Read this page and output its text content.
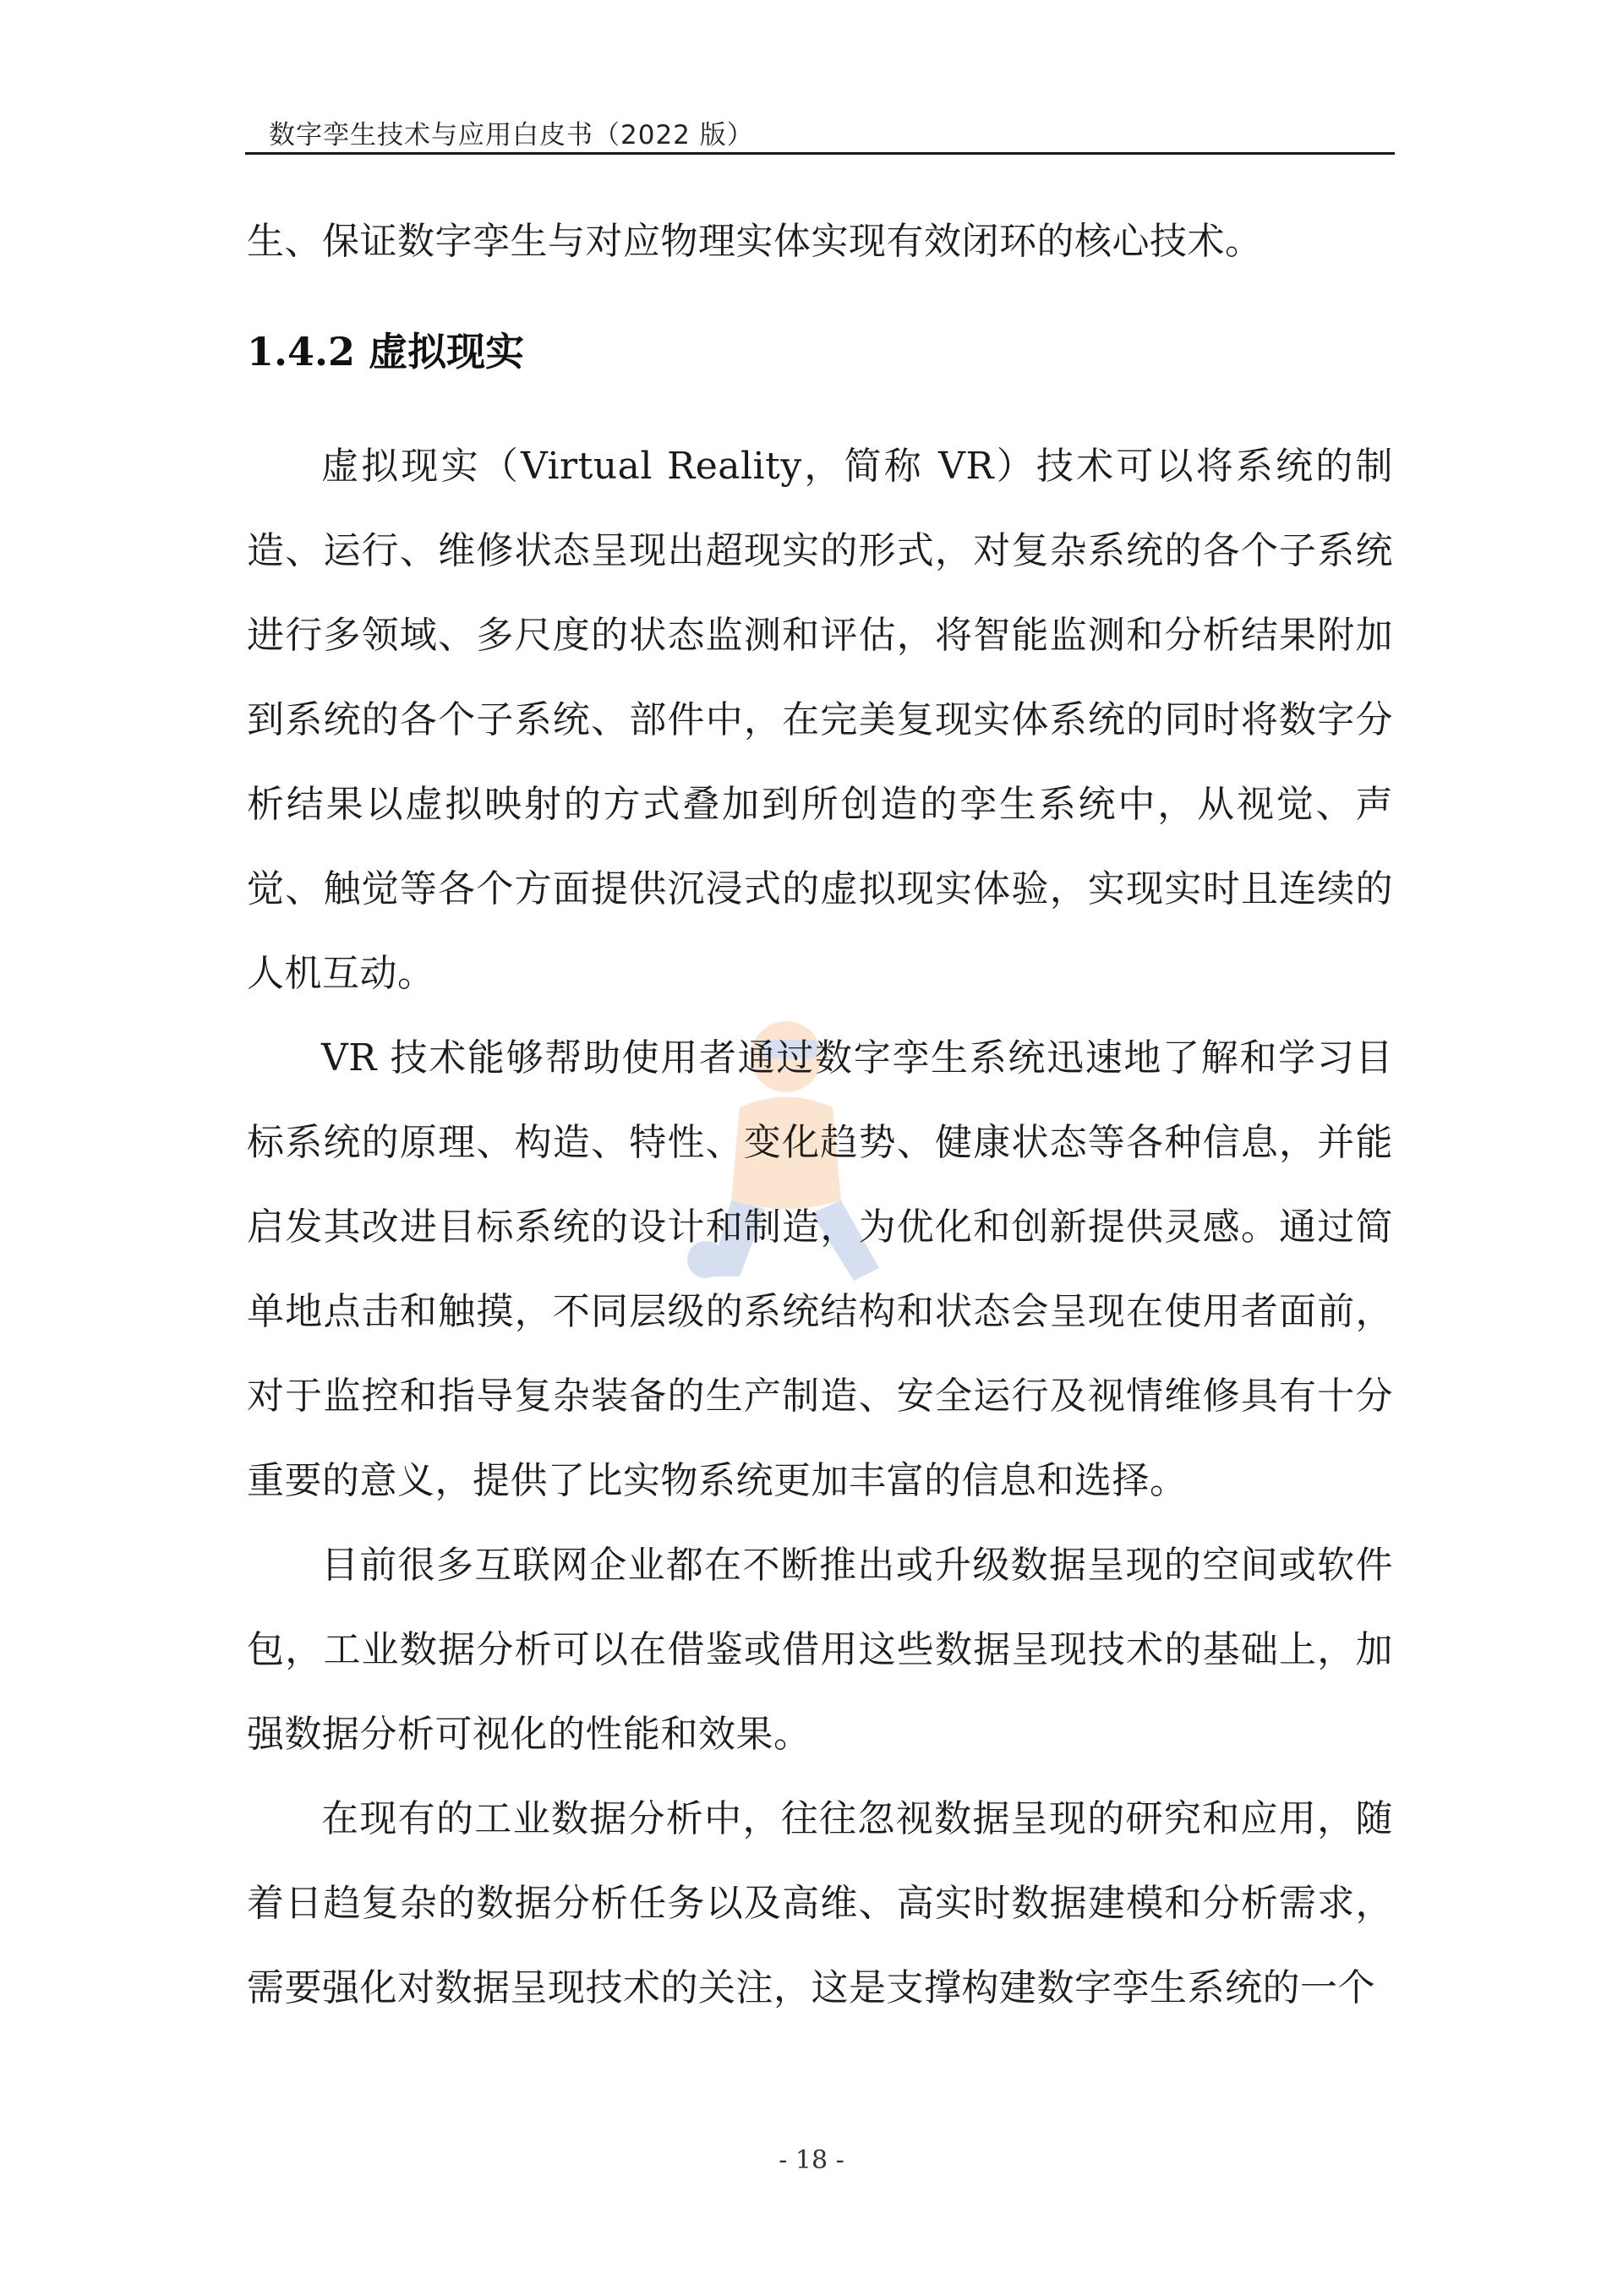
数字孪生技术与应用白皮书（2022 版）

生、保证数字孪生与对应物理实体实现有效闭环的核心技术。

1.4.2 虚拟现实

虚拟现实（Virtual Reality，简称 VR）技术可以将系统的制造、运行、维修状态呈现出超现实的形式，对复杂系统的各个子系统进行多领域、多尺度的状态监测和评估，将智能监测和分析结果附加到系统的各个子系统、部件中，在完美复现实体系统的同时将数字分析结果以虚拟映射的方式叠加到所创造的孪生系统中，从视觉、声觉、触觉等各个方面提供沉浸式的虚拟现实体验，实现实时且连续的人机互动。

VR 技术能够帮助使用者通过数字孪生系统迅速地了解和学习目标系统的原理、构造、特性、变化趋势、健康状态等各种信息，并能启发其改进目标系统的设计和制造，为优化和创新提供灵感。通过简单地点击和触摸，不同层级的系统结构和状态会呈现在使用者面前，对于监控和指导复杂装备的生产制造、安全运行及视情维修具有十分重要的意义，提供了比实物系统更加丰富的信息和选择。

目前很多互联网企业都在不断推出或升级数据呈现的空间或软件包，工业数据分析可以在借鉴或借用这些数据呈现技术的基础上，加强数据分析可视化的性能和效果。

在现有的工业数据分析中，往往忽视数据呈现的研究和应用，随着日趋复杂的数据分析任务以及高维、高实时数据建模和分析需求，需要强化对数据呈现技术的关注，这是支撑构建数字孪生系统的一个

- 18 -
